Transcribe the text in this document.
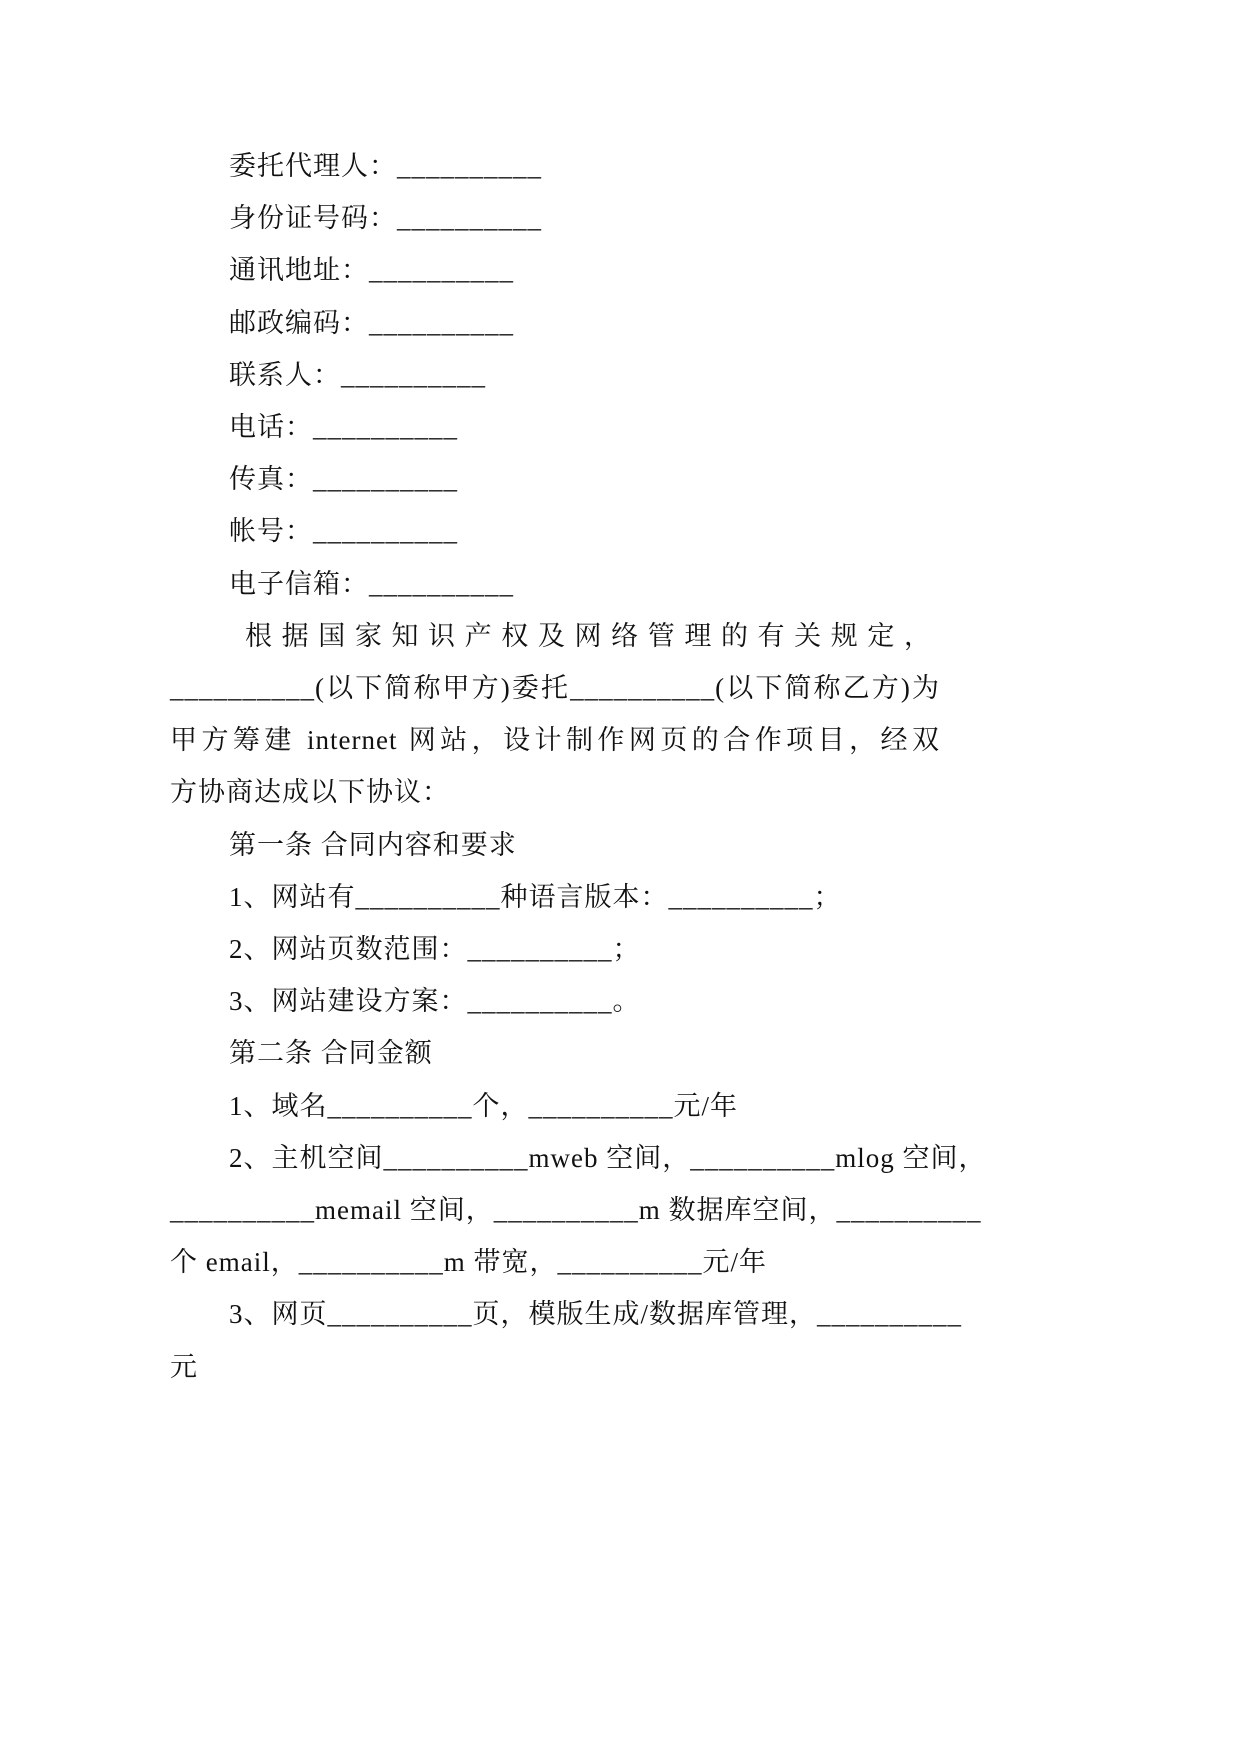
委托代理人：__________
身份证号码：__________
通讯地址：__________
邮政编码：__________
联系人：__________
电话：__________
传真：__________
帐号：__________
电子信箱：__________
根据国家知识产权及网络管理的有关规定，
__________(以下简称甲方)委托__________(以下简称乙方)为
甲方筹建 internet 网站，设计制作网页的合作项目，经双
方协商达成以下协议：
第一条 合同内容和要求
1、网站有__________种语言版本：__________；
2、网站页数范围：__________；
3、网站建设方案：__________。
第二条 合同金额
1、域名__________个，__________元/年
2、主机空间__________mweb 空间，__________mlog 空间，
__________memail 空间，__________m 数据库空间，__________
个 email，__________m 带宽，__________元/年
3、网页__________页，模版生成/数据库管理，__________
元
